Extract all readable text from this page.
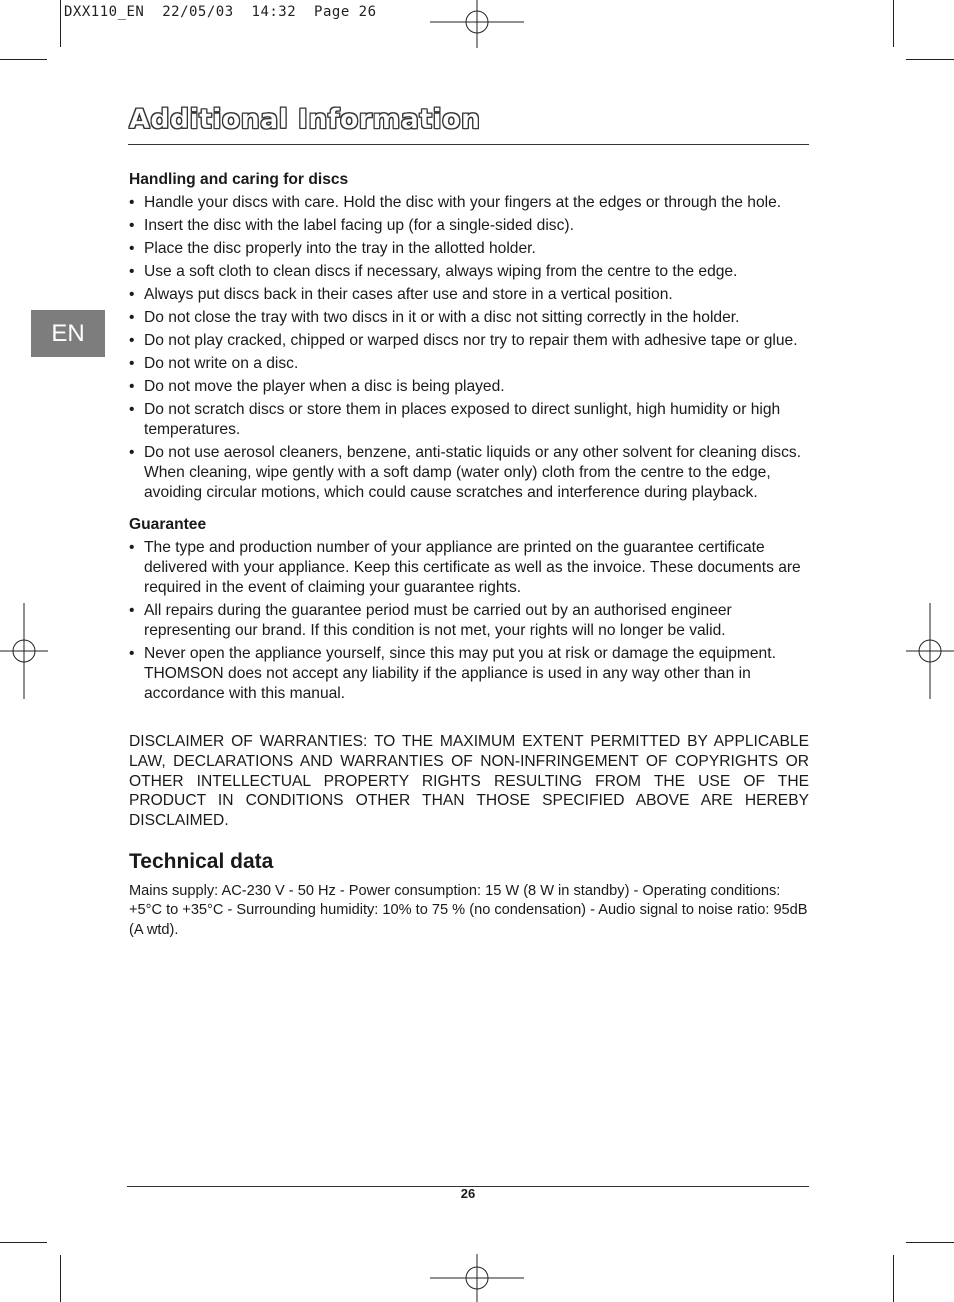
DXX110_EN 22/05/03 14:32 Page 26
EN
Additional Information
Handling and caring for discs
• Handle your discs with care. Hold the disc with your fingers at the edges or through the hole.
• Insert the disc with the label facing up (for a single-sided disc).
• Place the disc properly into the tray in the allotted holder.
• Use a soft cloth to clean discs if necessary, always wiping from the centre to the edge.
• Always put discs back in their cases after use and store in a vertical position.
• Do not close the tray with two discs in it or with a disc not sitting correctly in the holder.
• Do not play cracked, chipped or warped discs nor try to repair them with adhesive tape or glue.
• Do not write on a disc.
• Do not move the player when a disc is being played.
• Do not scratch discs or store them in places exposed to direct sunlight, high humidity or high temperatures.
• Do not use aerosol cleaners, benzene, anti-static liquids or any other solvent for cleaning discs. When cleaning, wipe gently with a soft damp (water only) cloth from the centre to the edge, avoiding circular motions, which could cause scratches and interference during playback.
Guarantee
• The type and production number of your appliance are printed on the guarantee certificate delivered with your appliance. Keep this certificate as well as the invoice. These documents are required in the event of claiming your guarantee rights.
• All repairs during the guarantee period must be carried out by an authorised engineer representing our brand. If this condition is not met, your rights will no longer be valid.
• Never open the appliance yourself, since this may put you at risk or damage the equipment. THOMSON does not accept any liability if the appliance is used in any way other than in accordance with this manual.

DISCLAIMER OF WARRANTIES: TO THE MAXIMUM EXTENT PERMITTED BY APPLICABLE LAW, DECLARATIONS AND WARRANTIES OF NON-INFRINGEMENT OF COPYRIGHTS OR OTHER INTELLECTUAL PROPERTY RIGHTS RESULTING FROM THE USE OF THE PRODUCT IN CONDITIONS OTHER THAN THOSE SPECIFIED ABOVE ARE HEREBY DISCLAIMED.

Technical data

Mains supply: AC-230 V - 50 Hz - Power consumption: 15 W (8 W in standby) - Operating conditions: +5°C to +35°C - Surrounding humidity: 10% to 75 % (no condensation) - Audio signal to noise ratio: 95dB (A wtd).

26
